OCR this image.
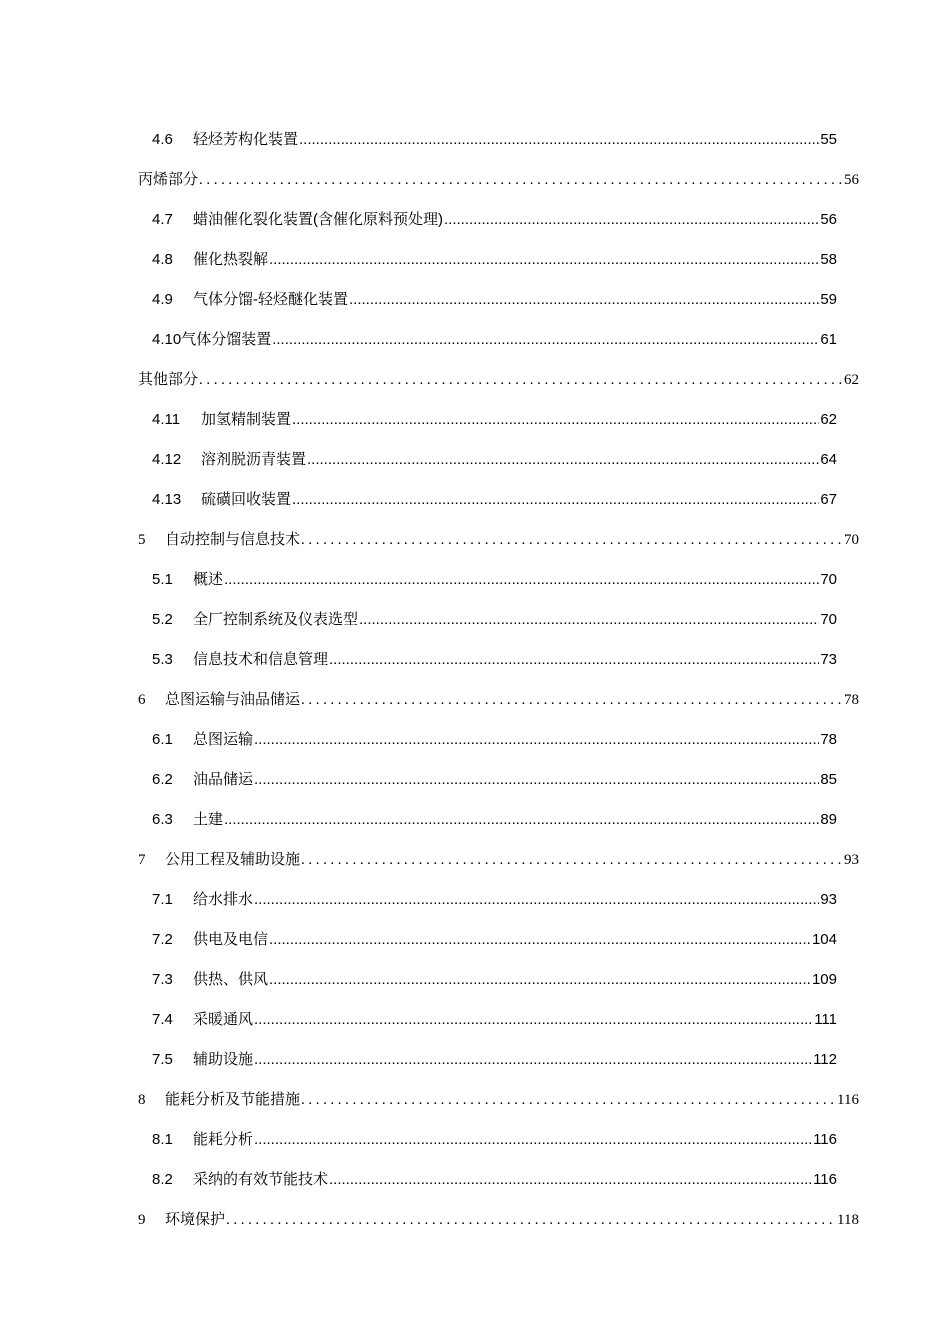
4.6	轻烃芳构化装置 .....	55
丙烯部分 .....	56
4.7	蜡油催化裂化装置(含催化原料预处理) .....	56
4.8	催化热裂解 .....	58
4.9	气体分馏-轻烃醚化装置 .....	59
4.10 气体分馏装置 .....	61
其他部分 .....	62
4.11	加氢精制装置 .....	62
4.12	溶剂脱沥青装置 .....	64
4.13	硫磺回收装置 .....	67
5	自动控制与信息技术 .....	70
5.1	概述 .....	70
5.2	全厂控制系统及仪表选型 .....	70
5.3	信息技术和信息管理 .....	73
6	总图运输与油品储运 .....	78
6.1	总图运输 .....	78
6.2	油品储运 .....	85
6.3	土建 .....	89
7	公用工程及辅助设施 .....	93
7.1	给水排水 .....	93
7.2	供电及电信 .....	104
7.3	供热、供风 .....	109
7.4	采暖通风 .....	111
7.5	辅助设施 .....	112
8	能耗分析及节能措施 .....	116
8.1	能耗分析 .....	116
8.2	采纳的有效节能技术 .....	116
9	环境保护 .....	118
